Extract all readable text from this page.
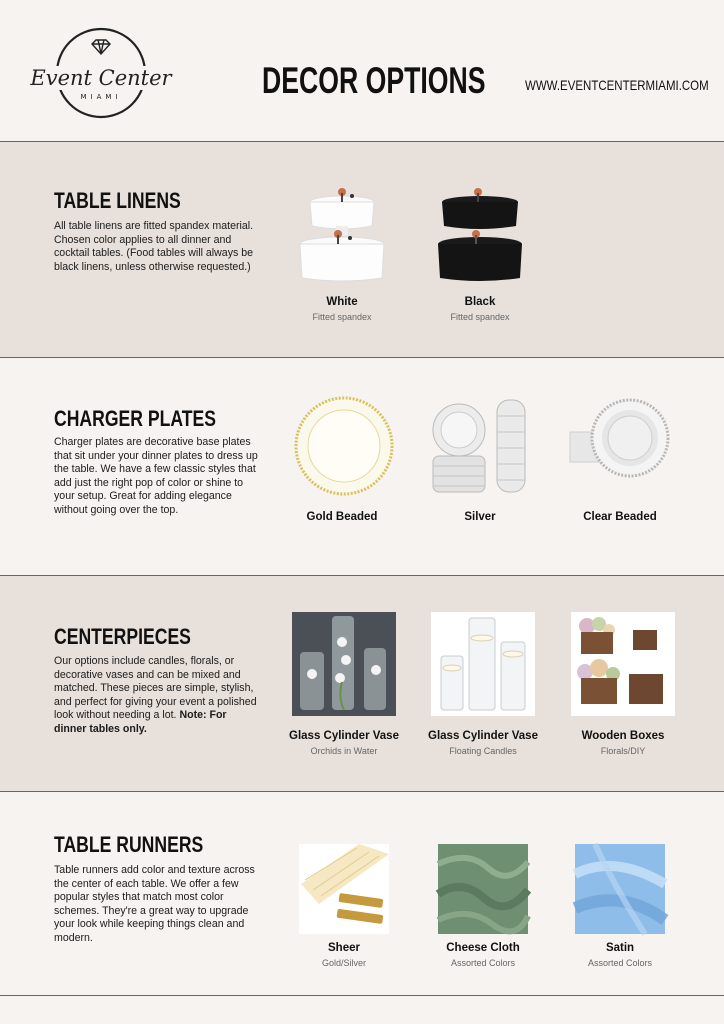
Event Center
MIAMI	DECOR OPTIONS	WWW.EVENTCENTERMIAMI.COM
TABLE LINENS
All table linens are fitted spandex material. Chosen color applies to all dinner and cocktail tables. (Food tables will always be black linens, unless otherwise requested.)
White
Fitted spandex
Black
Fitted spandex
CHARGER PLATES
Charger plates are decorative base plates that sit under your dinner plates to dress up the table. We have a few classic styles that add just the right pop of color or shine to your setup. Great for adding elegance without going over the top.
Gold Beaded	Silver	Clear Beaded
CENTERPIECES
Our options include candles, florals, or decorative vases and can be mixed and matched. These pieces are simple, stylish, and perfect for giving your event a polished look without needing a lot. Note: For dinner tables only.
Glass Cylinder Vase
Orchids in Water
Glass Cylinder Vase
Floating Candles
Wooden Boxes
Florals/DIY
TABLE RUNNERS
Table runners add color and texture across the center of each table. We offer a few popular styles that match most color schemes. They're a great way to upgrade your look while keeping things clean and modern.
Sheer
Gold/Silver
Cheese Cloth
Assorted Colors
Satin
Assorted Colors
